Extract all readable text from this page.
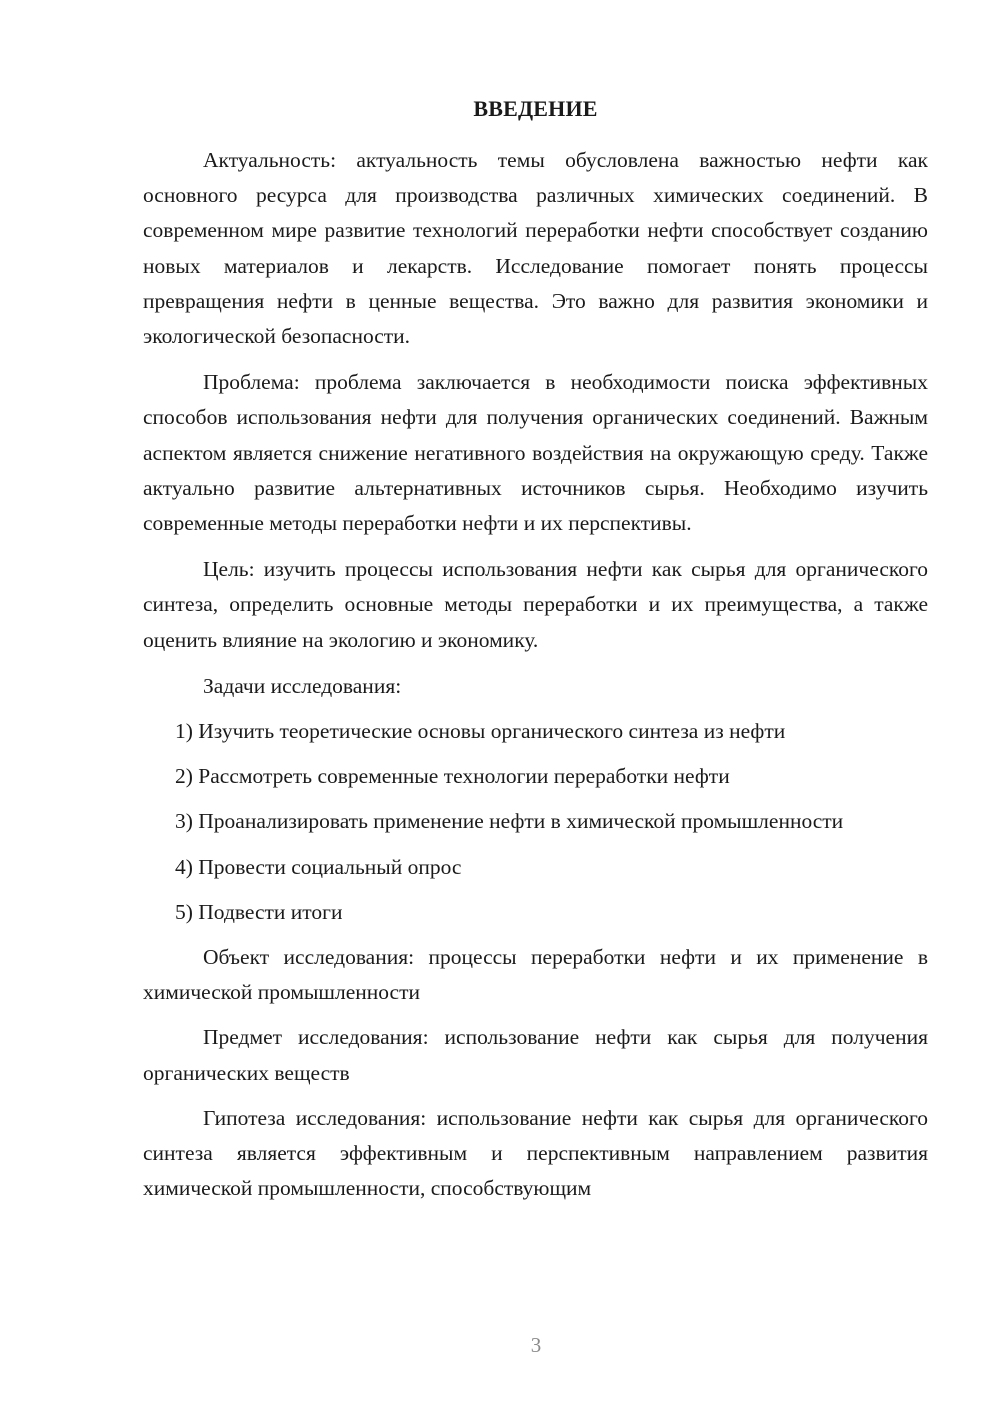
ВВЕДЕНИЕ

Актуальность: актуальность темы обусловлена важностью нефти как основного ресурса для производства различных химических соединений. В современном мире развитие технологий переработки нефти способствует созданию новых материалов и лекарств. Исследование помогает понять процессы превращения нефти в ценные вещества. Это важно для развития экономики и экологической безопасности.

Проблема: проблема заключается в необходимости поиска эффективных способов использования нефти для получения органических соединений. Важным аспектом является снижение негативного воздействия на окружающую среду. Также актуально развитие альтернативных источников сырья. Необходимо изучить современные методы переработки нефти и их перспективы.

Цель: изучить процессы использования нефти как сырья для органического синтеза, определить основные методы переработки и их преимущества, а также оценить влияние на экологию и экономику.

Задачи исследования:

1) Изучить теоретические основы органического синтеза из нефти

2) Рассмотреть современные технологии переработки нефти

3) Проанализировать применение нефти в химической промышленности

4) Провести социальный опрос

5) Подвести итоги

Объект исследования: процессы переработки нефти и их применение в химической промышленности

Предмет исследования: использование нефти как сырья для получения органических веществ

Гипотеза исследования: использование нефти как сырья для органического синтеза является эффективным и перспективным направлением развития химической промышленности, способствующим

3
